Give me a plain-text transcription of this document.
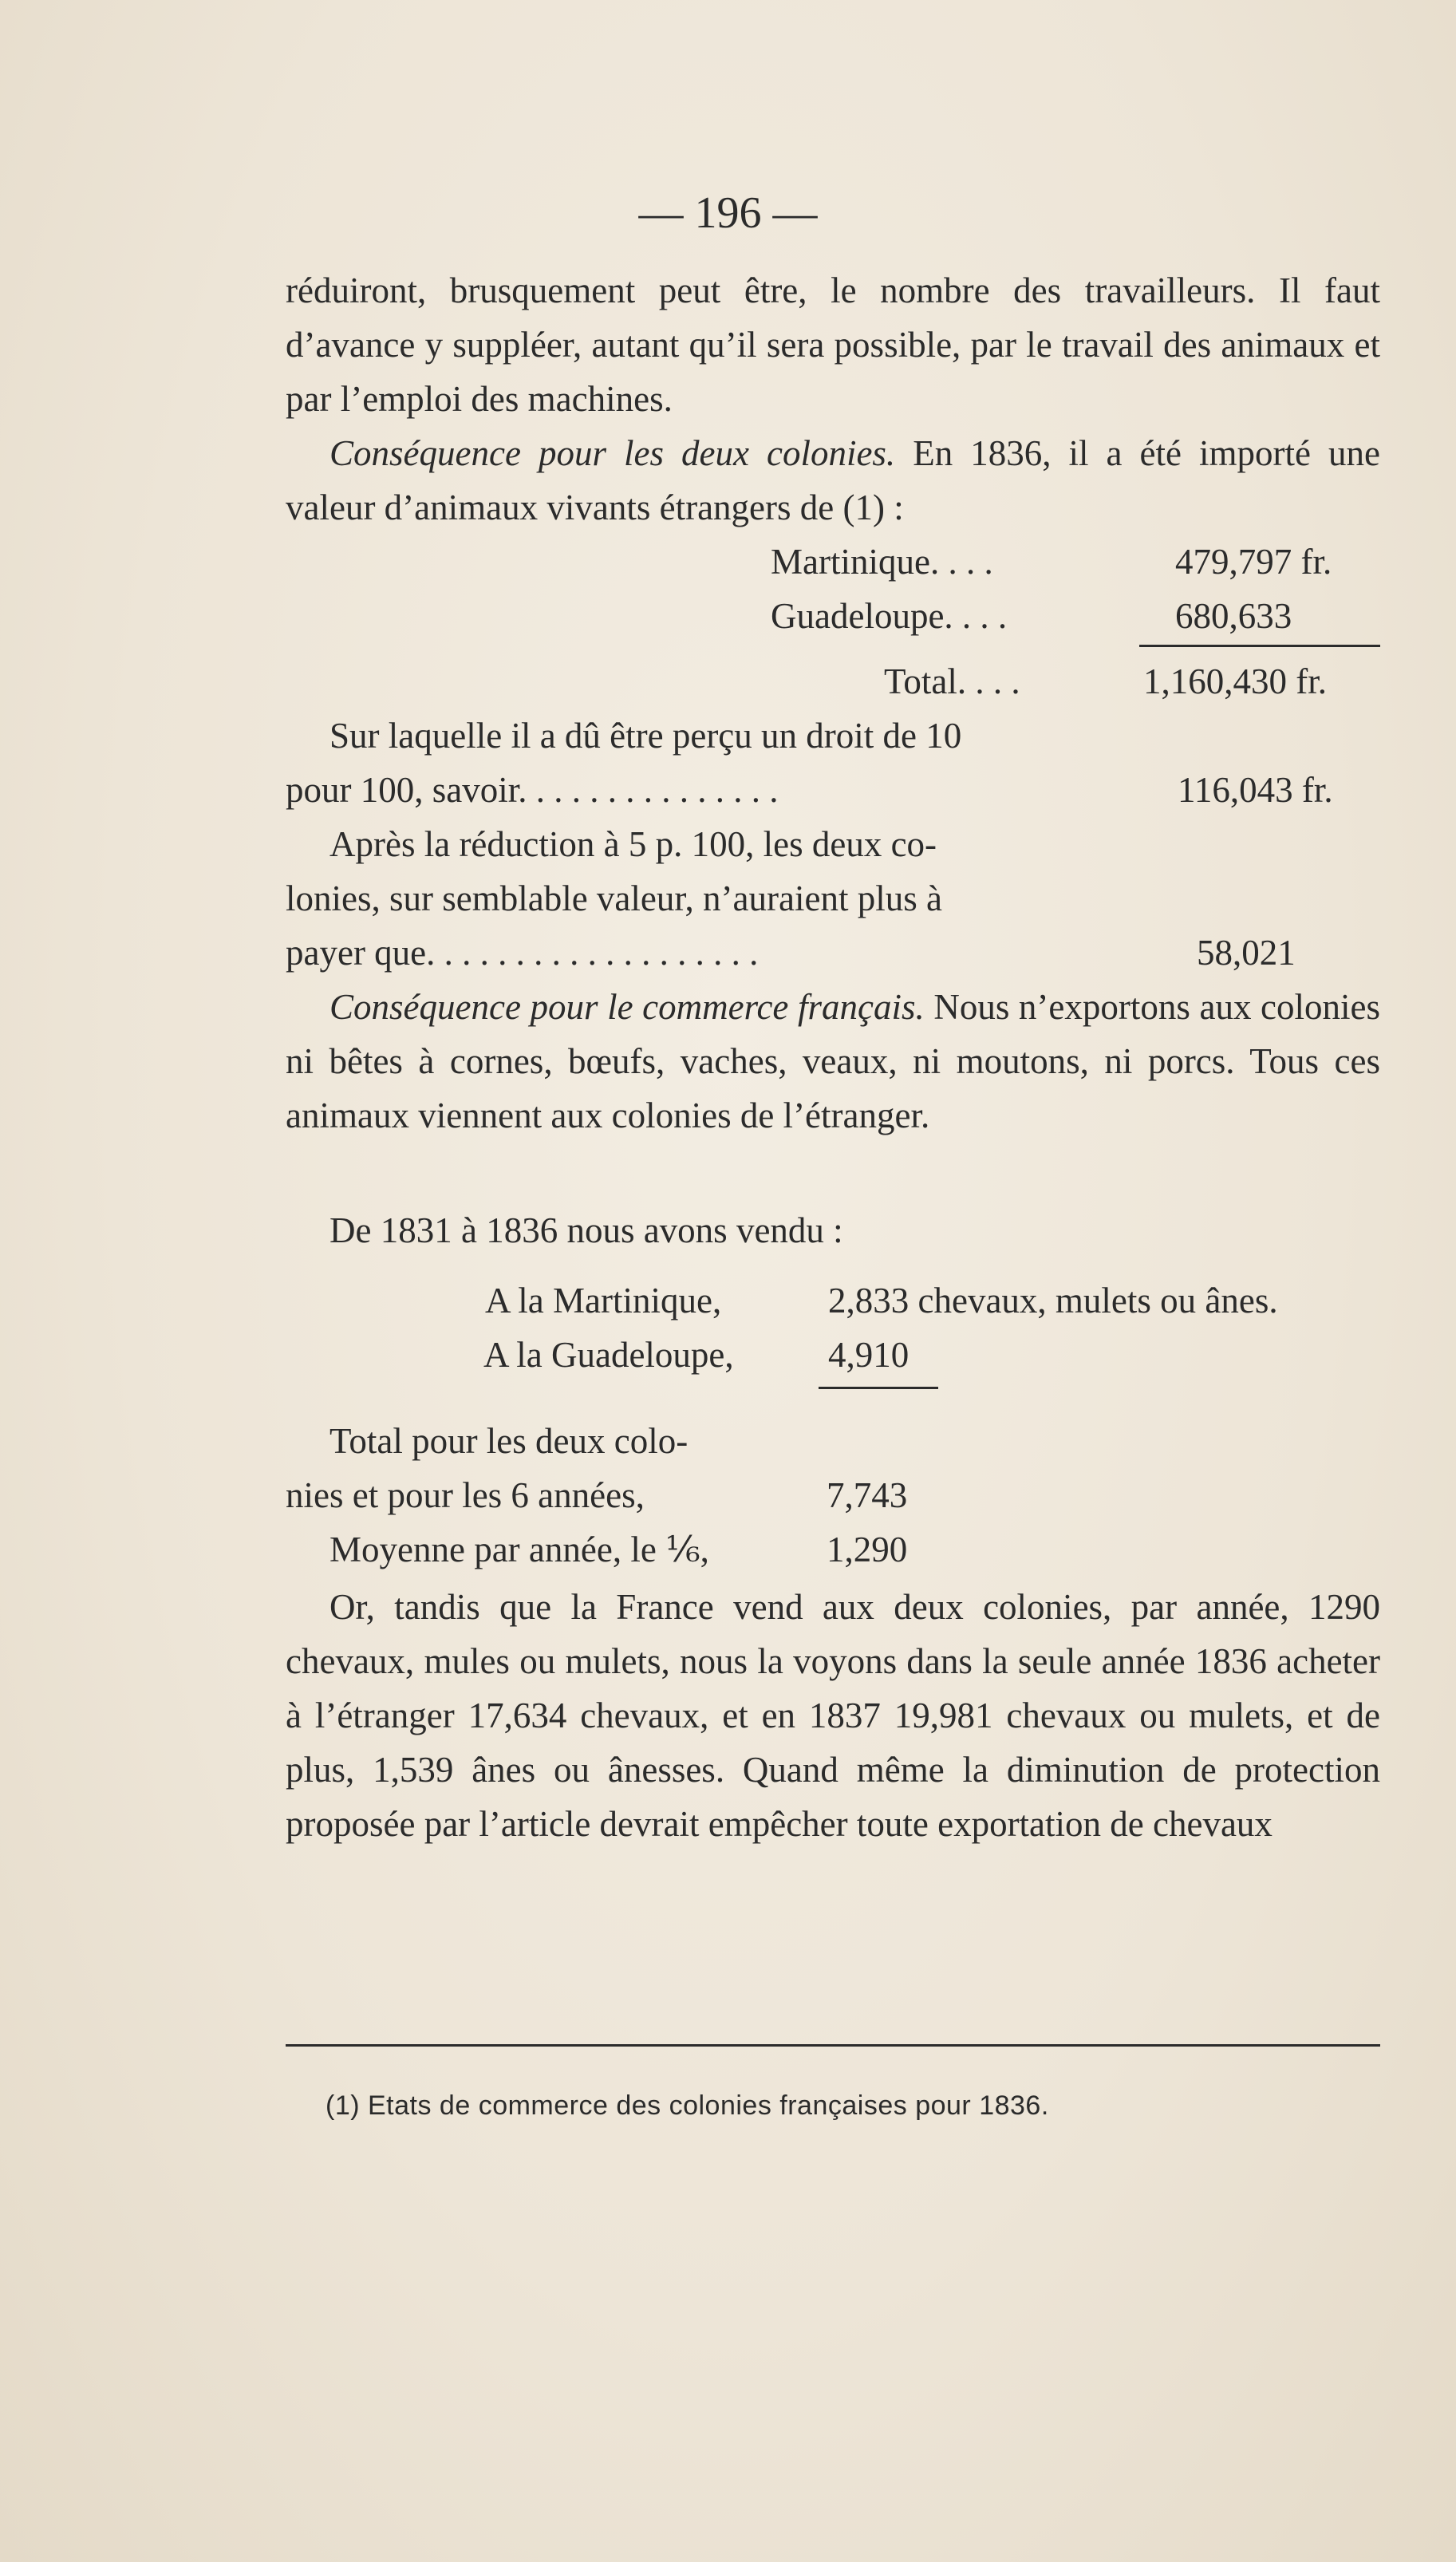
— 196 —

réduiront, brusquement peut être, le nombre des travailleurs. Il faut d’avance y suppléer, autant qu’il sera possible, par le travail des animaux et par l’emploi des machines.

Conséquence pour les deux colonies. En 1836, il a été importé une valeur d’animaux vivants étrangers de (1) :

Martinique. . . .	479,797 fr.
Guadeloupe. . . .	680,633
Total. . . .	1,160,430 fr.
Sur laquelle il a dû être perçu un droit de 10
pour 100, savoir. . . . . . . . . . . . . . .	116,043 fr.
Après la réduction à 5 p. 100, les deux co-
lonies, sur semblable valeur, n’auraient plus à
payer que. . . . . . . . . . . . . . . . . . .	58,021

Conséquence pour le commerce français. Nous n’exportons aux colonies ni bêtes à cornes, bœufs, vaches, veaux, ni moutons, ni porcs. Tous ces animaux viennent aux colonies de l’étranger.

De 1831 à 1836 nous avons vendu :
A la Martinique,	2,833 chevaux, mulets ou ânes.
A la Guadeloupe,	4,910
Total pour les deux colo-
nies et pour les 6 années,	7,743
Moyenne par année, le ⅙,	1,290

Or, tandis que la France vend aux deux colonies, par année, 1290 chevaux, mules ou mulets, nous la voyons dans la seule année 1836 acheter à l’étranger 17,634 chevaux, et en 1837 19,981 chevaux ou mulets, et de plus, 1,539 ânes ou ânesses. Quand même la diminution de protection proposée par l’article devrait empêcher toute exportation de chevaux

(1) Etats de commerce des colonies françaises pour 1836.
